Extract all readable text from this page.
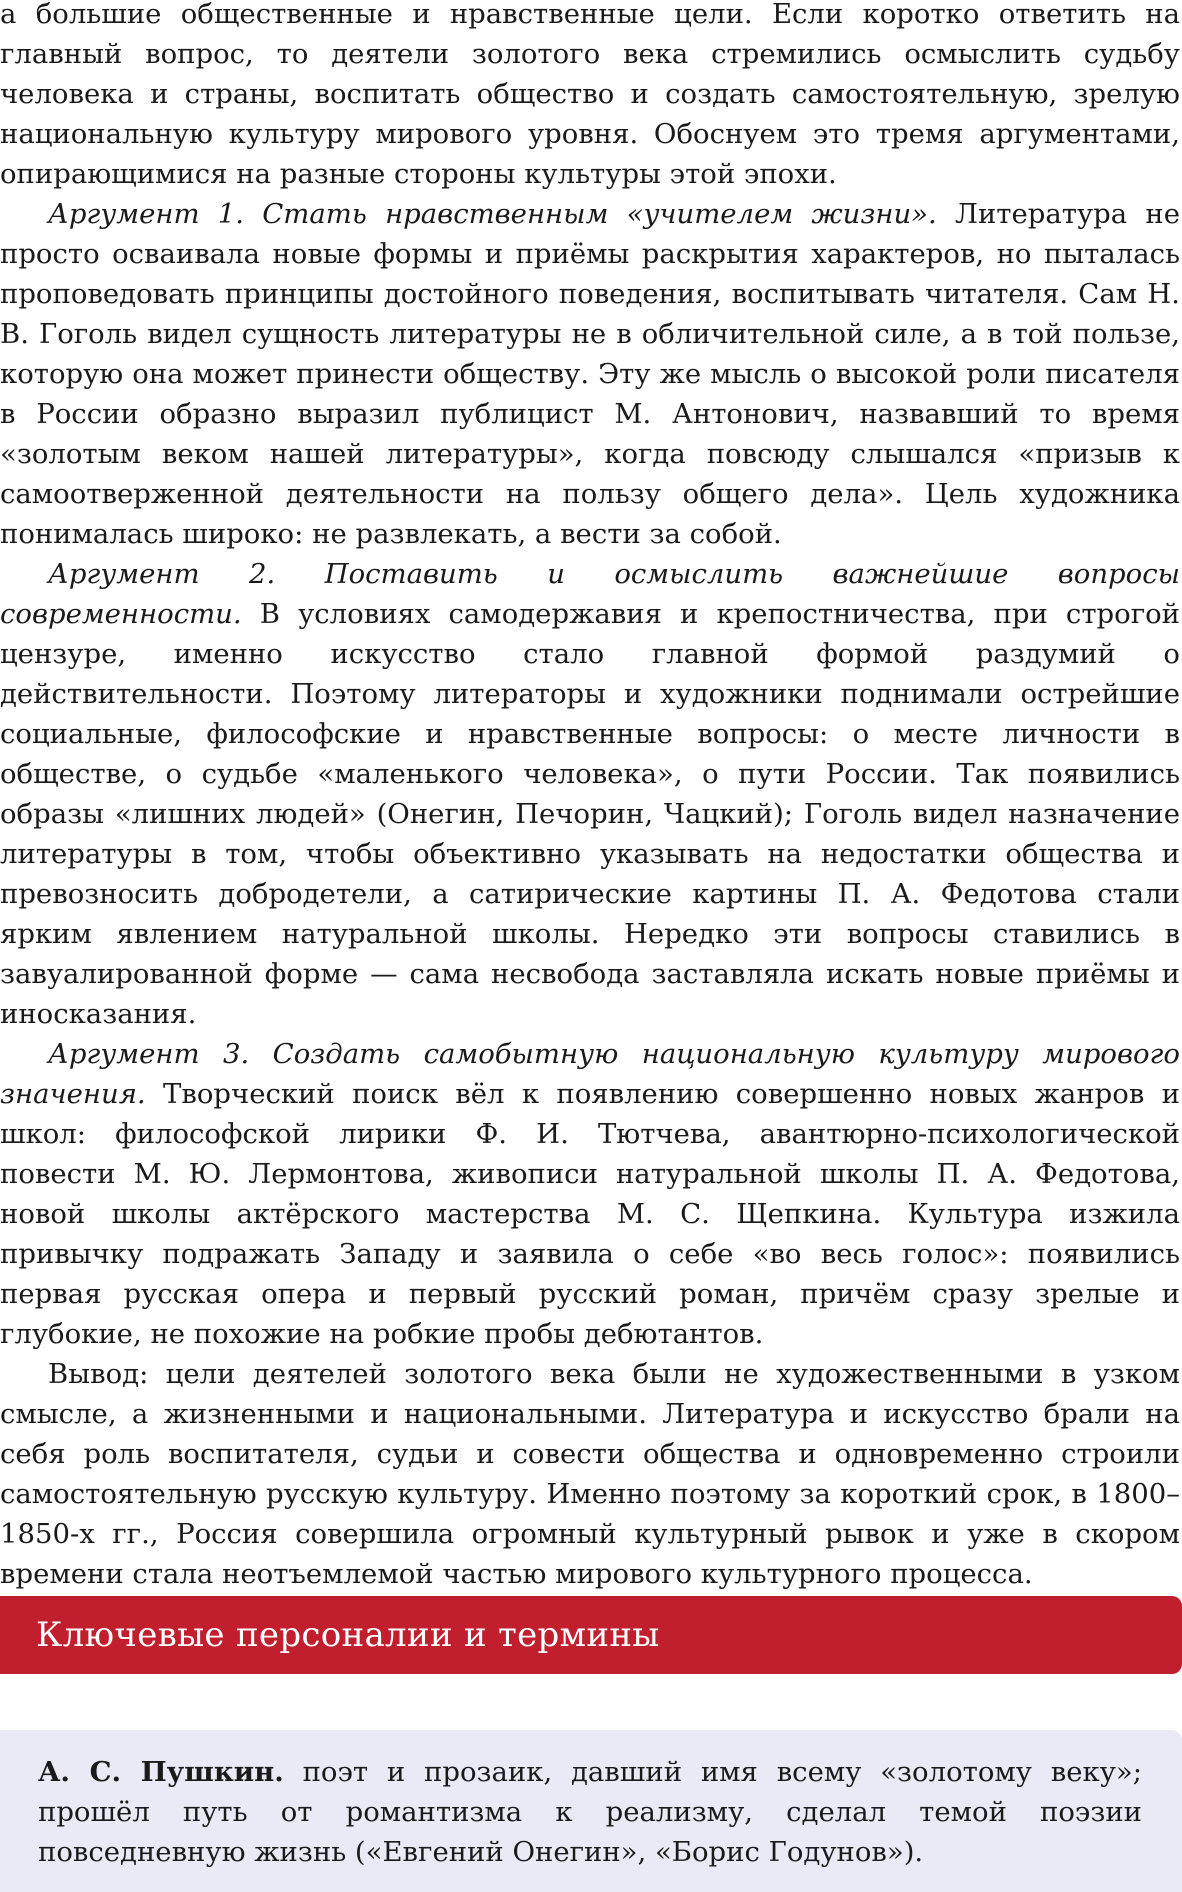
а большие общественные и нравственные цели. Если коротко ответить на главный вопрос, то деятели золотого века стремились осмыслить судьбу человека и страны, воспитать общество и создать самостоятельную, зрелую национальную культуру мирового уровня. Обоснуем это тремя аргументами, опирающимися на разные стороны культуры этой эпохи.

Аргумент 1. Стать нравственным «учителем жизни». Литература не просто осваивала новые формы и приёмы раскрытия характеров, но пыталась проповедовать принципы достойного поведения, воспитывать читателя. Сам Н. В. Гоголь видел сущность литературы не в обличительной силе, а в той пользе, которую она может принести обществу. Эту же мысль о высокой роли писателя в России образно выразил публицист М. Антонович, назвавший то время «золотым веком нашей литературы», когда повсюду слышался «призыв к самоотверженной деятельности на пользу общего дела». Цель художника понималась широко: не развлекать, а вести за собой.

Аргумент 2. Поставить и осмыслить важнейшие вопросы современности. В условиях самодержавия и крепостничества, при строгой цензуре, именно искусство стало главной формой раздумий о действительности. Поэтому литераторы и художники поднимали острейшие социальные, философские и нравственные вопросы: о месте личности в обществе, о судьбе «маленького человека», о пути России. Так появились образы «лишних людей» (Онегин, Печорин, Чацкий); Гоголь видел назначение литературы в том, чтобы объективно указывать на недостатки общества и превозносить добродетели, а сатирические картины П. А. Федотова стали ярким явлением натуральной школы. Нередко эти вопросы ставились в завуалированной форме — сама несвобода заставляла искать новые приёмы и иносказания.

Аргумент 3. Создать самобытную национальную культуру мирового значения. Творческий поиск вёл к появлению совершенно новых жанров и школ: философской лирики Ф. И. Тютчева, авантюрно-психологической повести М. Ю. Лермонтова, живописи натуральной школы П. А. Федотова, новой школы актёрского мастерства М. С. Щепкина. Культура изжила привычку подражать Западу и заявила о себе «во весь голос»: появились первая русская опера и первый русский роман, причём сразу зрелые и глубокие, не похожие на робкие пробы дебютантов.

Вывод: цели деятелей золотого века были не художественными в узком смысле, а жизненными и национальными. Литература и искусство брали на себя роль воспитателя, судьи и совести общества и одновременно строили самостоятельную русскую культуру. Именно поэтому за короткий срок, в 1800–1850-х гг., Россия совершила огромный культурный рывок и уже в скором времени стала неотъемлемой частью мирового культурного процесса.

Ключевые персоналии и термины

А. С. Пушкин. поэт и прозаик, давший имя всему «золотому веку»; прошёл путь от романтизма к реализму, сделал темой поэзии повседневную жизнь («Евгений Онегин», «Борис Годунов»).
